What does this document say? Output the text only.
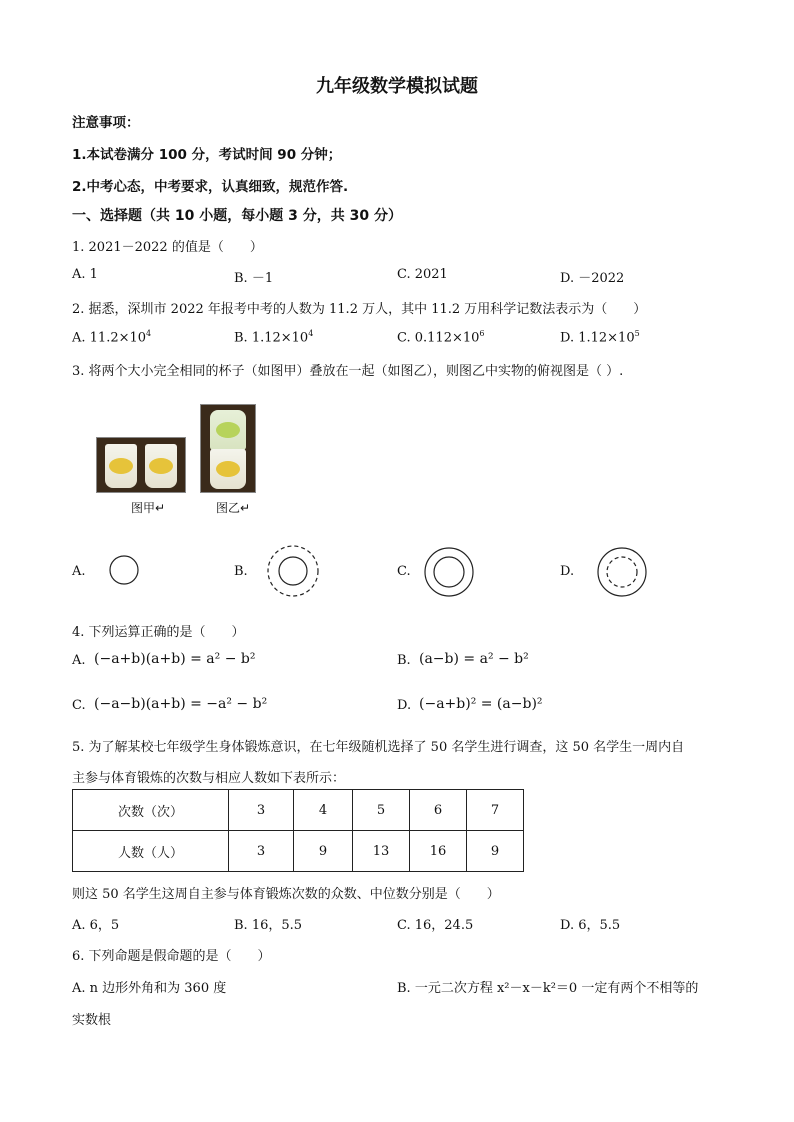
九年级数学模拟试题
注意事项：
1.本试卷满分 100 分，考试时间 90 分钟；
2.中考心态，中考要求，认真细致，规范作答.
一、选择题（共 10 小题，每小题 3 分，共 30 分）
1. 2021－2022 的值是（　　）
A. 1	B. －1	C. 2021	D. －2022
2. 据悉，深圳市 2022 年报考中考的人数为 11.2 万人，其中 11.2 万用科学记数法表示为（　　）
A. $11.2\times 10^4$	B. $1.12\times 10^4$	C. $0.112\times 10^6$	D. $1.12\times 10^5$
3. 将两个大小完全相同的杯子（如图甲）叠放在一起（如图乙），则图乙中实物的俯视图是（ ）.
图甲↵	图乙↵
A.	B.	C.	D.
4. 下列运算正确的是（　　）
A. (−a+b)(a+b) = a² − b²	B. (a−b) = a² − b²
C. (−a−b)(a+b) = −a² − b²	D. (−a+b)² = (a−b)²
5. 为了解某校七年级学生身体锻炼意识，在七年级随机选择了 50 名学生进行调查，这 50 名学生一周内自
主参与体育锻炼的次数与相应人数如下表所示：
次数（次）	3	4	5	6	7
人数（人）	3	9	13	16	9
则这 50 名学生这周自主参与体育锻炼次数的众数、中位数分别是（　　）
A. 6，5	B. 16，5.5	C. 16，24.5	D. 6，5.5
6. 下列命题是假命题的是（　　）
A. n 边形外角和为 360 度	B. 一元二次方程 x²－x－k²＝0 一定有两个不相等的
实数根
